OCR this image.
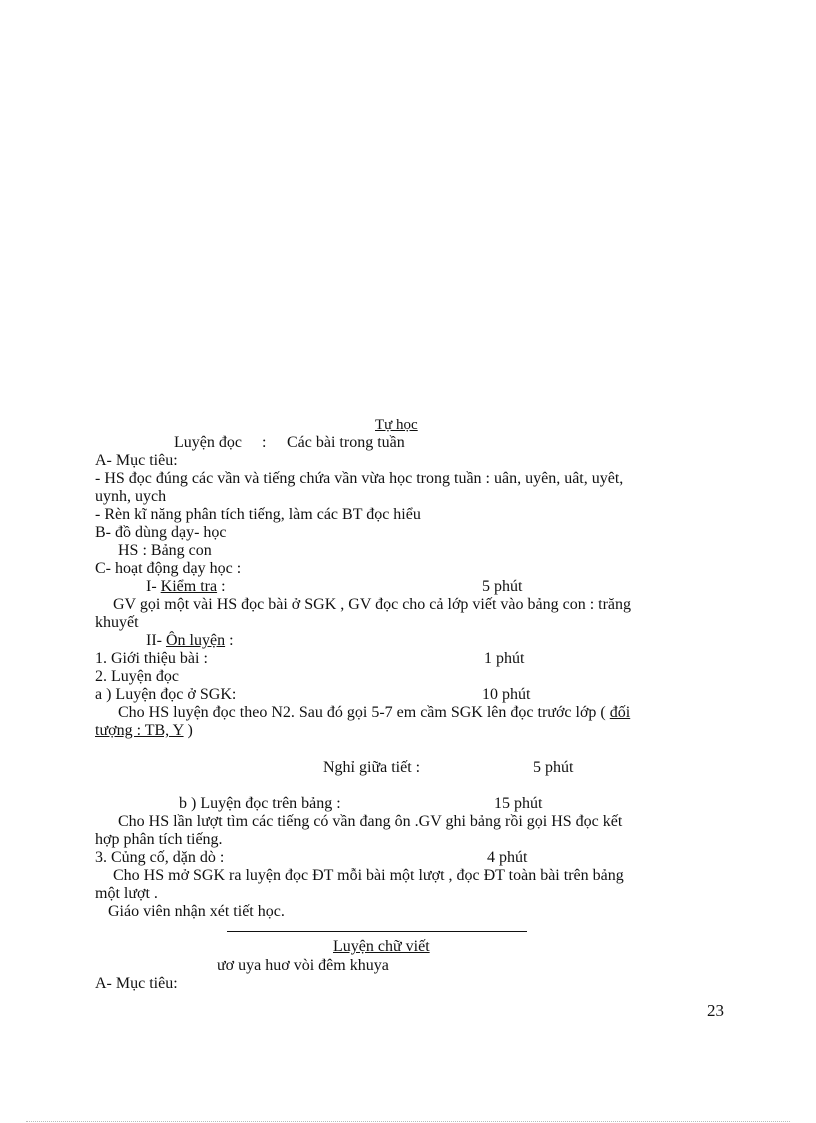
Tự học
Luyện đọc : Các bài trong tuần
A- Mục tiêu:
- HS đọc đúng các vần và tiếng chứa vần vừa học trong tuần : uân, uyên, uât, uyêt,
uynh, uych
- Rèn kĩ năng phân tích tiếng, làm các BT đọc hiểu
B- đồ dùng dạy- học
HS : Bảng con
C- hoạt động dạy học :
I- Kiểm tra :	5 phút
GV gọi một vài HS đọc bài ở SGK , GV đọc cho cả lớp viết vào bảng con : trăng
khuyết
II- Ôn luyện :
1. Giới thiệu bài :	1 phút
2. Luyện đọc
a ) Luyện đọc ở SGK:	10 phút
Cho HS luyện đọc theo N2. Sau đó gọi 5-7 em cầm SGK lên đọc trước lớp ( đối
tượng : TB, Y )
Nghỉ giữa tiết :	5 phút
b ) Luyện đọc trên bảng :	15 phút
Cho HS lần lượt tìm các tiếng có vần đang ôn .GV ghi bảng rồi gọi HS đọc kết
hợp phân tích tiếng.
3. Củng cố, dặn dò :	4 phút
Cho HS mở SGK ra luyện đọc ĐT mỗi bài một lượt , đọc ĐT toàn bài trên bảng
một lượt .
Giáo viên nhận xét tiết học.
Luyện chữ viết
ươ uya huơ vòi đêm khuya
A- Mục tiêu:
23
